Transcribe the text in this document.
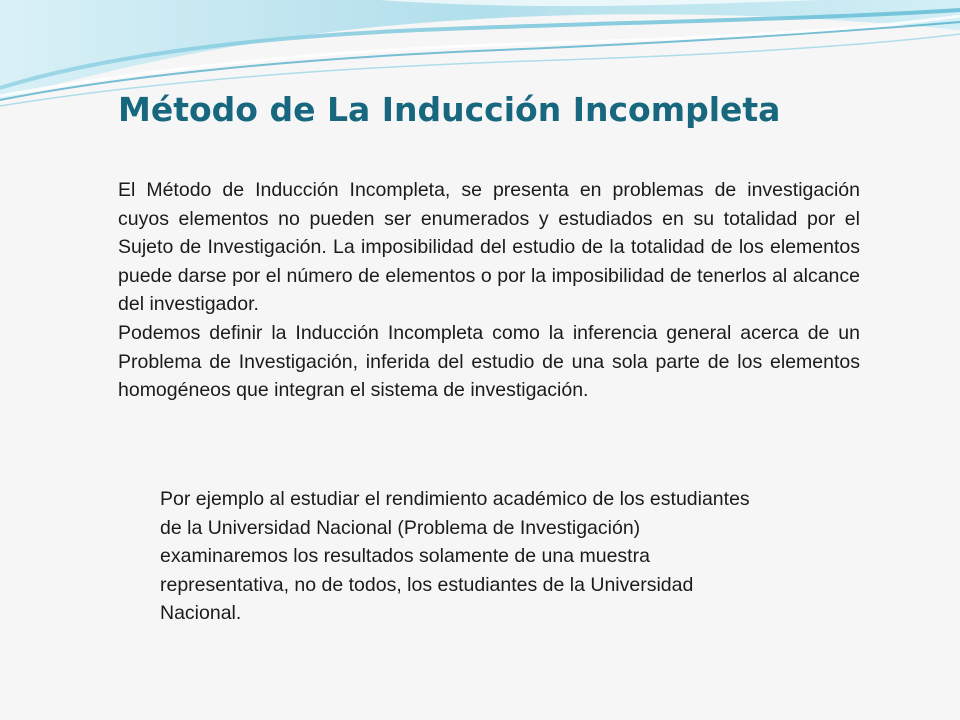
Método de La Inducción Incompleta

El Método de Inducción Incompleta, se presenta en problemas de investigación cuyos elementos no pueden ser enumerados y estudiados en su totalidad por el Sujeto de Investigación. La imposibilidad del estudio de la totalidad de los elementos puede darse por el número de elementos o por la imposibilidad de tenerlos al alcance del investigador.

Podemos definir la Inducción Incompleta como la inferencia general acerca de un Problema de Investigación, inferida del estudio de una sola parte de los elementos homogéneos que integran el sistema de investigación.

Por ejemplo al estudiar el rendimiento académico de los estudiantes de la Universidad Nacional (Problema de Investigación) examinaremos los resultados solamente de una muestra representativa, no de todos, los estudiantes de la Universidad Nacional.
